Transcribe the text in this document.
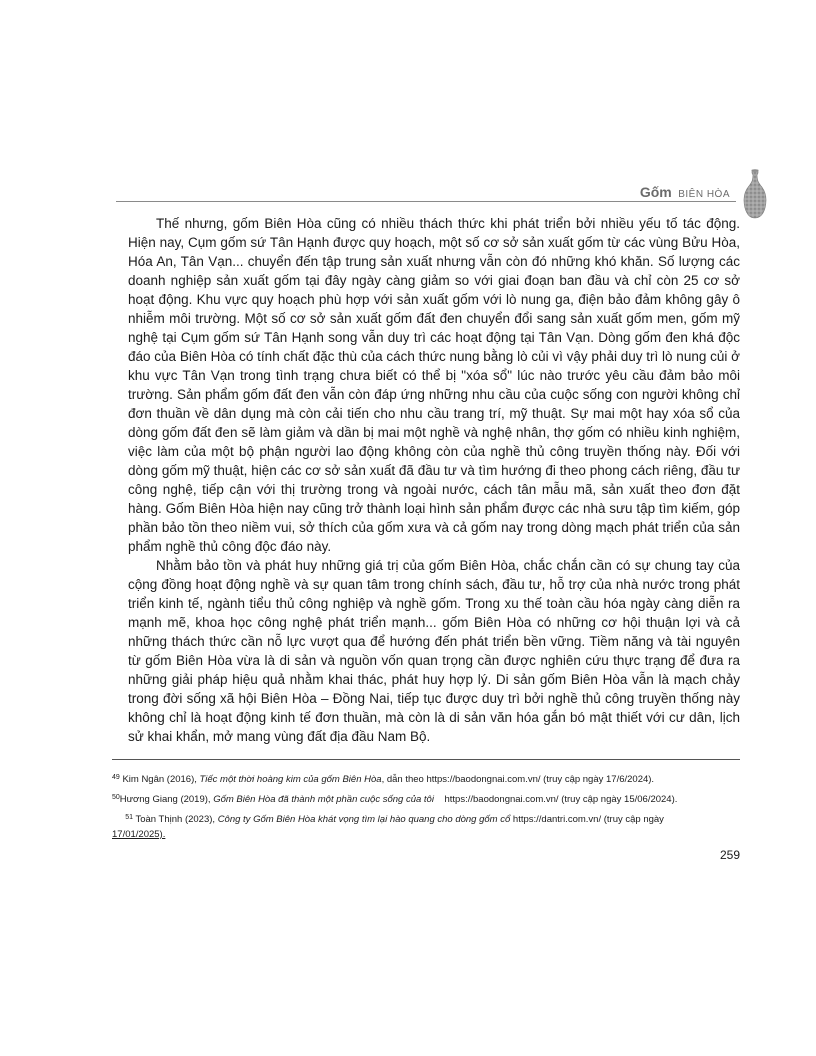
Gốm BIÊN HÒA

Thế nhưng, gốm Biên Hòa cũng có nhiều thách thức khi phát triển bởi nhiều yếu tố tác động. Hiện nay, Cụm gốm sứ Tân Hạnh được quy hoạch, một số cơ sở sản xuất gốm từ các vùng Bửu Hòa, Hóa An, Tân Vạn... chuyển đến tập trung sản xuất nhưng vẫn còn đó những khó khăn. Số lượng các doanh nghiệp sản xuất gốm tại đây ngày càng giảm so với giai đoạn ban đầu và chỉ còn 25 cơ sở hoạt động. Khu vực quy hoạch phù hợp với sản xuất gốm với lò nung ga, điện bảo đảm không gây ô nhiễm môi trường. Một số cơ sở sản xuất gốm đất đen chuyển đổi sang sản xuất gốm men, gốm mỹ nghệ tại Cụm gốm sứ Tân Hạnh song vẫn duy trì các hoạt động tại Tân Vạn. Dòng gốm đen khá độc đáo của Biên Hòa có tính chất đặc thù của cách thức nung bằng lò củi vì vậy phải duy trì lò nung củi ở khu vực Tân Vạn trong tình trạng chưa biết có thể bị "xóa sổ" lúc nào trước yêu cầu đảm bảo môi trường. Sản phẩm gốm đất đen vẫn còn đáp ứng những nhu cầu của cuộc sống con người không chỉ đơn thuần về dân dụng mà còn cải tiến cho nhu cầu trang trí, mỹ thuật. Sự mai một hay xóa sổ của dòng gốm đất đen sẽ làm giảm và dần bị mai một nghề và nghệ nhân, thợ gốm có nhiều kinh nghiệm, việc làm của một bộ phận người lao động không còn của nghề thủ công truyền thống này. Đối với dòng gốm mỹ thuật, hiện các cơ sở sản xuất đã đầu tư và tìm hướng đi theo phong cách riêng, đầu tư công nghệ, tiếp cận với thị trường trong và ngoài nước, cách tân mẫu mã, sản xuất theo đơn đặt hàng. Gốm Biên Hòa hiện nay cũng trở thành loại hình sản phẩm được các nhà sưu tập tìm kiếm, góp phần bảo tồn theo niềm vui, sở thích của gốm xưa và cả gốm nay trong dòng mạch phát triển của sản phẩm nghề thủ công độc đáo này.

Nhằm bảo tồn và phát huy những giá trị của gốm Biên Hòa, chắc chắn cần có sự chung tay của cộng đồng hoạt động nghề và sự quan tâm trong chính sách, đầu tư, hỗ trợ của nhà nước trong phát triển kinh tế, ngành tiểu thủ công nghiệp và nghề gốm. Trong xu thế toàn cầu hóa ngày càng diễn ra mạnh mẽ, khoa học công nghệ phát triển mạnh... gốm Biên Hòa có những cơ hội thuận lợi và cả những thách thức cần nỗ lực vượt qua để hướng đến phát triển bền vững. Tiềm năng và tài nguyên từ gốm Biên Hòa vừa là di sản và nguồn vốn quan trọng cần được nghiên cứu thực trạng để đưa ra những giải pháp hiệu quả nhằm khai thác, phát huy hợp lý. Di sản gốm Biên Hòa vẫn là mạch chảy trong đời sống xã hội Biên Hòa – Đồng Nai, tiếp tục được duy trì bởi nghề thủ công truyền thống này không chỉ là hoạt động kinh tế đơn thuần, mà còn là di sản văn hóa gắn bó mật thiết với cư dân, lịch sử khai khẩn, mở mang vùng đất địa đầu Nam Bộ.

$^{49}$ Kim Ngân (2016), Tiếc một thời hoàng kim của gốm Biên Hòa, dẫn theo https://baodongnai.com.vn/ (truy cập ngày 17/6/2024).
$^{50}$Hương Giang (2019), Gốm Biên Hòa đã thành một phần cuộc sống của tôi    https://baodongnai.com.vn/ (truy cập ngày 15/06/2024).
$^{51}$ Toàn Thịnh (2023), Công ty Gốm Biên Hòa khát vọng tìm lại hào quang cho dòng gốm cổ https://dantri.com.vn/ (truy cập ngày
17/01/2025).
259
